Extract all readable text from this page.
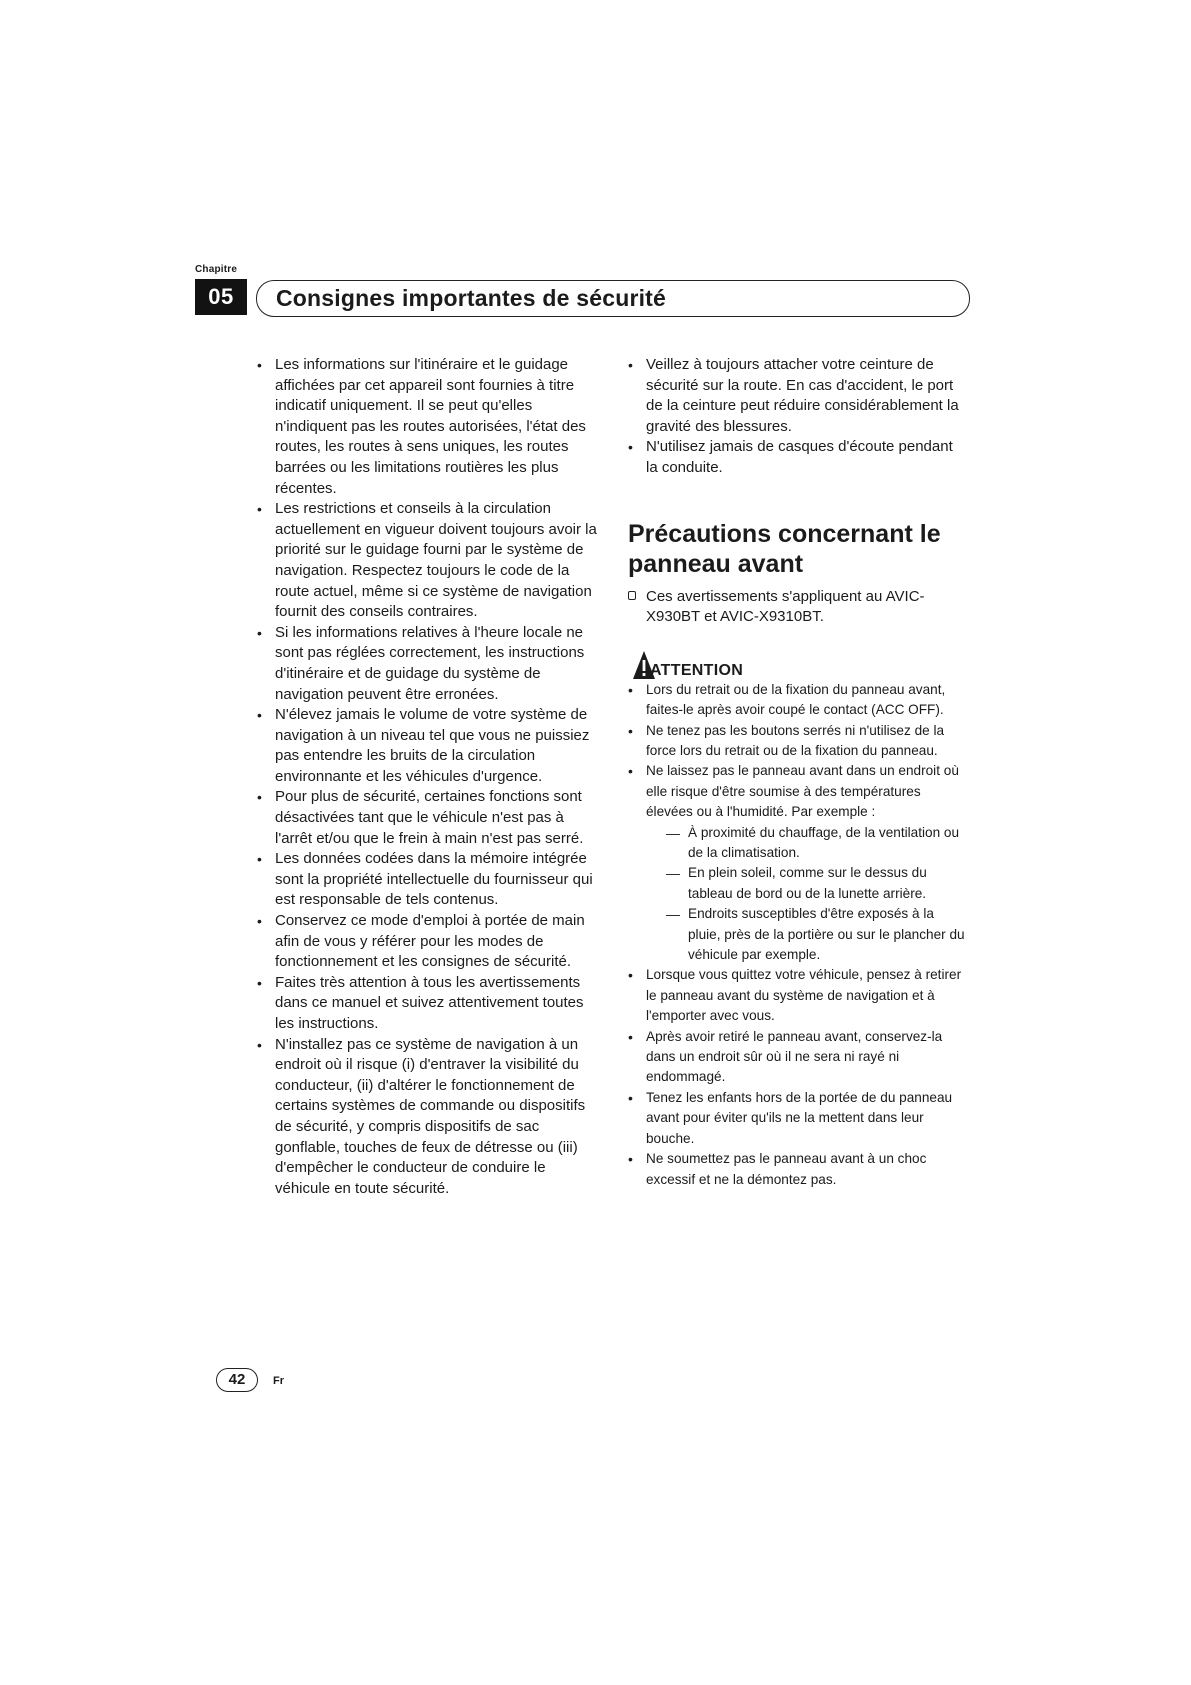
Chapitre
05	Consignes importantes de sécurité
• Les informations sur l'itinéraire et le guidage affichées par cet appareil sont fournies à titre indicatif uniquement. Il se peut qu'elles n'indiquent pas les routes autorisées, l'état des routes, les routes à sens uniques, les routes barrées ou les limitations routières les plus récentes.
• Les restrictions et conseils à la circulation actuellement en vigueur doivent toujours avoir la priorité sur le guidage fourni par le système de navigation. Respectez toujours le code de la route actuel, même si ce système de navigation fournit des conseils contraires.
• Si les informations relatives à l'heure locale ne sont pas réglées correctement, les instructions d'itinéraire et de guidage du système de navigation peuvent être erronées.
• N'élevez jamais le volume de votre système de navigation à un niveau tel que vous ne puissiez pas entendre les bruits de la circulation environnante et les véhicules d'urgence.
• Pour plus de sécurité, certaines fonctions sont désactivées tant que le véhicule n'est pas à l'arrêt et/ou que le frein à main n'est pas serré.
• Les données codées dans la mémoire intégrée sont la propriété intellectuelle du fournisseur qui est responsable de tels contenus.
• Conservez ce mode d'emploi à portée de main afin de vous y référer pour les modes de fonctionnement et les consignes de sécurité.
• Faites très attention à tous les avertissements dans ce manuel et suivez attentivement toutes les instructions.
• N'installez pas ce système de navigation à un endroit où il risque (i) d'entraver la visibilité du conducteur, (ii) d'altérer le fonctionnement de certains systèmes de commande ou dispositifs de sécurité, y compris dispositifs de sac gonflable, touches de feux de détresse ou (iii) d'empêcher le conducteur de conduire le véhicule en toute sécurité.
• Veillez à toujours attacher votre ceinture de sécurité sur la route. En cas d'accident, le port de la ceinture peut réduire considérablement la gravité des blessures.
• N'utilisez jamais de casques d'écoute pendant la conduite.
Précautions concernant le panneau avant
Ces avertissements s'appliquent au AVIC-X930BT et AVIC-X9310BT.
ATTENTION
• Lors du retrait ou de la fixation du panneau avant, faites-le après avoir coupé le contact (ACC OFF).
• Ne tenez pas les boutons serrés ni n'utilisez de la force lors du retrait ou de la fixation du panneau.
• Ne laissez pas le panneau avant dans un endroit où elle risque d'être soumise à des températures élevées ou à l'humidité. Par exemple :
— À proximité du chauffage, de la ventilation ou de la climatisation.
— En plein soleil, comme sur le dessus du tableau de bord ou de la lunette arrière.
— Endroits susceptibles d'être exposés à la pluie, près de la portière ou sur le plancher du véhicule par exemple.
• Lorsque vous quittez votre véhicule, pensez à retirer le panneau avant du système de navigation et à l'emporter avec vous.
• Après avoir retiré le panneau avant, conservez-la dans un endroit sûr où il ne sera ni rayé ni endommagé.
• Tenez les enfants hors de la portée de du panneau avant pour éviter qu'ils ne la mettent dans leur bouche.
• Ne soumettez pas le panneau avant à un choc excessif et ne la démontez pas.
42	Fr
